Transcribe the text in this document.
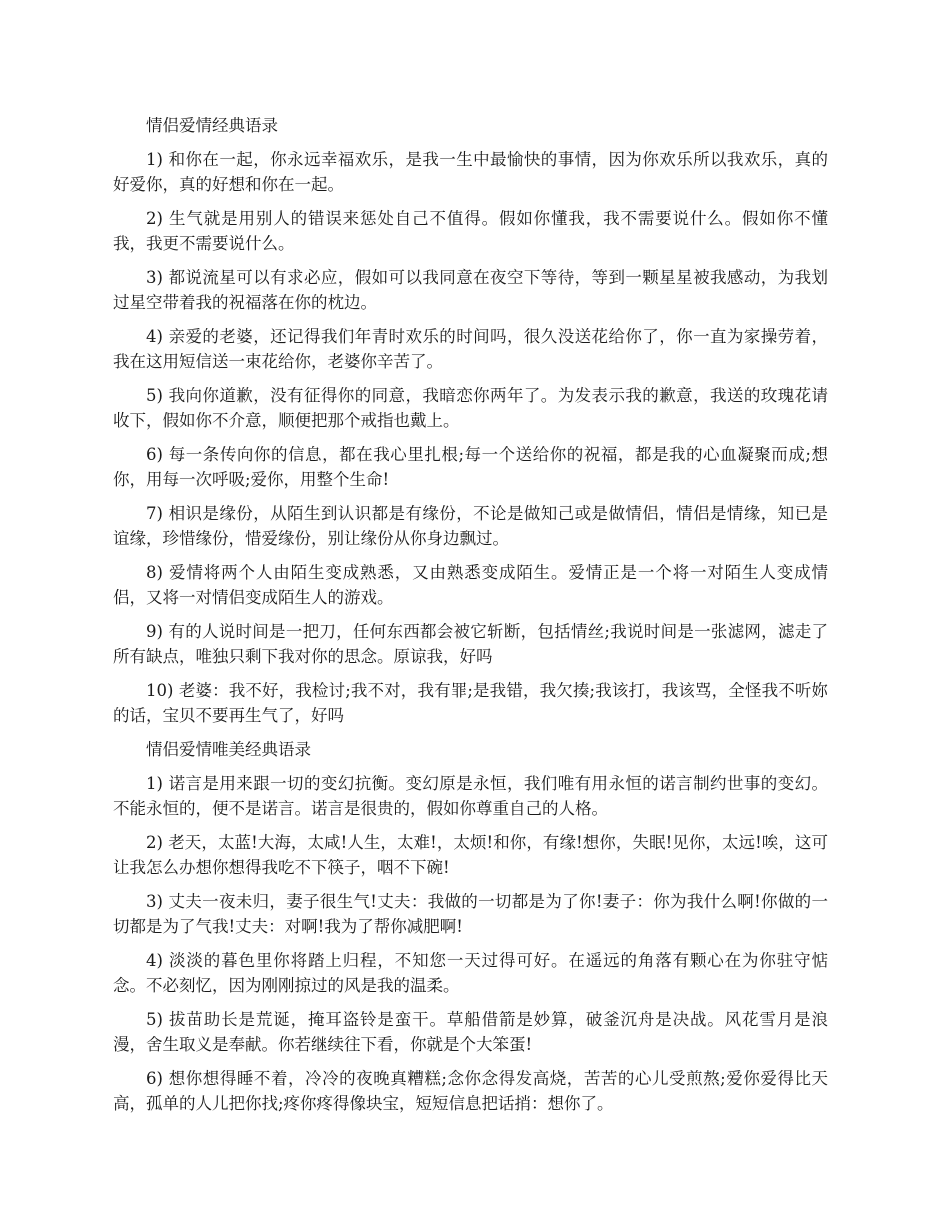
情侣爱情经典语录
1) 和你在一起，你永远幸福欢乐，是我一生中最愉快的事情，因为你欢乐所以我欢乐，真的好爱你，真的好想和你在一起。
2) 生气就是用别人的错误来惩处自己不值得。假如你懂我，我不需要说什么。假如你不懂我，我更不需要说什么。
3) 都说流星可以有求必应，假如可以我同意在夜空下等待，等到一颗星星被我感动，为我划过星空带着我的祝福落在你的枕边。
4) 亲爱的老婆，还记得我们年青时欢乐的时间吗，很久没送花给你了，你一直为家操劳着，我在这用短信送一束花给你，老婆你辛苦了。
5) 我向你道歉，没有征得你的同意，我暗恋你两年了。为发表示我的歉意，我送的玫瑰花请收下，假如你不介意，顺便把那个戒指也戴上。
6) 每一条传向你的信息，都在我心里扎根;每一个送给你的祝福，都是我的心血凝聚而成;想你，用每一次呼吸;爱你，用整个生命!
7) 相识是缘份，从陌生到认识都是有缘份，不论是做知己或是做情侣，情侣是情缘，知已是谊缘，珍惜缘份，惜爱缘份，别让缘份从你身边飘过。
8) 爱情将两个人由陌生变成熟悉，又由熟悉变成陌生。爱情正是一个将一对陌生人变成情侣，又将一对情侣变成陌生人的游戏。
9) 有的人说时间是一把刀，任何东西都会被它斩断，包括情丝;我说时间是一张滤网，滤走了所有缺点，唯独只剩下我对你的思念。原谅我，好吗
10) 老婆：我不好，我检讨;我不对，我有罪;是我错，我欠揍;我该打，我该骂，全怪我不听妳的话，宝贝不要再生气了，好吗
情侣爱情唯美经典语录
1) 诺言是用来跟一切的变幻抗衡。变幻原是永恒，我们唯有用永恒的诺言制约世事的变幻。不能永恒的，便不是诺言。诺言是很贵的，假如你尊重自己的人格。
2) 老天，太蓝!大海，太咸!人生，太难!，太烦!和你，有缘!想你，失眠!见你，太远!唉，这可让我怎么办想你想得我吃不下筷子，咽不下碗!
3) 丈夫一夜未归，妻子很生气!丈夫：我做的一切都是为了你!妻子：你为我什么啊!你做的一切都是为了气我!丈夫：对啊!我为了帮你减肥啊!
4) 淡淡的暮色里你将踏上归程，不知您一天过得可好。在遥远的角落有颗心在为你驻守惦念。不必刻忆，因为刚刚掠过的风是我的温柔。
5) 拔苗助长是荒诞，掩耳盗铃是蛮干。草船借箭是妙算，破釜沉舟是决战。风花雪月是浪漫，舍生取义是奉献。你若继续往下看，你就是个大笨蛋!
6) 想你想得睡不着，冷冷的夜晚真糟糕;念你念得发高烧，苦苦的心儿受煎熬;爱你爱得比天高，孤单的人儿把你找;疼你疼得像块宝，短短信息把话捎：想你了。
